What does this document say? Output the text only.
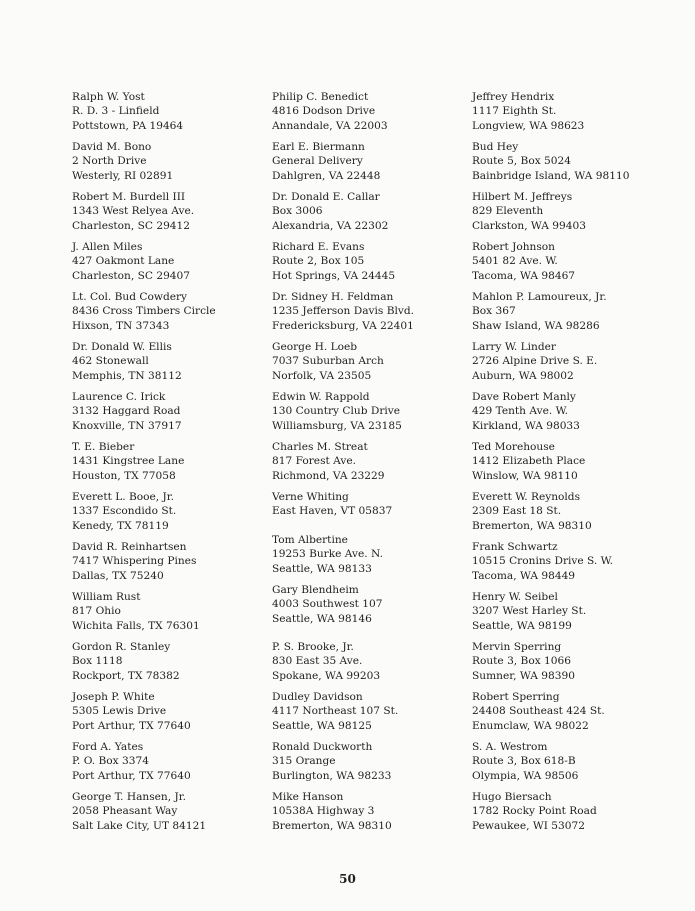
Ralph W. Yost
R. D. 3 - Linfield
Pottstown, PA 19464
David M. Bono
2 North Drive
Westerly, RI 02891
Robert M. Burdell III
1343 West Relyea Ave.
Charleston, SC 29412
J. Allen Miles
427 Oakmont Lane
Charleston, SC 29407
Lt. Col. Bud Cowdery
8436 Cross Timbers Circle
Hixson, TN 37343
Dr. Donald W. Ellis
462 Stonewall
Memphis, TN 38112
Laurence C. Irick
3132 Haggard Road
Knoxville, TN 37917
T. E. Bieber
1431 Kingstree Lane
Houston, TX 77058
Everett L. Booe, Jr.
1337 Escondido St.
Kenedy, TX 78119
David R. Reinhartsen
7417 Whispering Pines
Dallas, TX 75240
William Rust
817 Ohio
Wichita Falls, TX 76301
Gordon R. Stanley
Box 1118
Rockport, TX 78382
Joseph P. White
5305 Lewis Drive
Port Arthur, TX 77640
Ford A. Yates
P. O. Box 3374
Port Arthur, TX 77640
George T. Hansen, Jr.
2058 Pheasant Way
Salt Lake City, UT 84121
Philip C. Benedict
4816 Dodson Drive
Annandale, VA 22003
Earl E. Biermann
General Delivery
Dahlgren, VA 22448
Dr. Donald E. Callar
Box 3006
Alexandria, VA 22302
Richard E. Evans
Route 2, Box 105
Hot Springs, VA 24445
Dr. Sidney H. Feldman
1235 Jefferson Davis Blvd.
Fredericksburg, VA 22401
George H. Loeb
7037 Suburban Arch
Norfolk, VA 23505
Edwin W. Rappold
130 Country Club Drive
Williamsburg, VA 23185
Charles M. Streat
817 Forest Ave.
Richmond, VA 23229
Verne Whiting
East Haven, VT 05837
Tom Albertine
19253 Burke Ave. N.
Seattle, WA 98133
Gary Blendheim
4003 Southwest 107
Seattle, WA 98146
P. S. Brooke, Jr.
830 East 35 Ave.
Spokane, WA 99203
Dudley Davidson
4117 Northeast 107 St.
Seattle, WA 98125
Ronald Duckworth
315 Orange
Burlington, WA 98233
Mike Hanson
10538A Highway 3
Bremerton, WA 98310
Jeffrey Hendrix
1117 Eighth St.
Longview, WA 98623
Bud Hey
Route 5, Box 5024
Bainbridge Island, WA 98110
Hilbert M. Jeffreys
829 Eleventh
Clarkston, WA 99403
Robert Johnson
5401 82 Ave. W.
Tacoma, WA 98467
Mahlon P. Lamoureux, Jr.
Box 367
Shaw Island, WA 98286
Larry W. Linder
2726 Alpine Drive S. E.
Auburn, WA 98002
Dave Robert Manly
429 Tenth Ave. W.
Kirkland, WA 98033
Ted Morehouse
1412 Elizabeth Place
Winslow, WA 98110
Everett W. Reynolds
2309 East 18 St.
Bremerton, WA 98310
Frank Schwartz
10515 Cronins Drive S. W.
Tacoma, WA 98449
Henry W. Seibel
3207 West Harley St.
Seattle, WA 98199
Mervin Sperring
Route 3, Box 1066
Sumner, WA 98390
Robert Sperring
24408 Southeast 424 St.
Enumclaw, WA 98022
S. A. Westrom
Route 3, Box 618-B
Olympia, WA 98506
Hugo Biersach
1782 Rocky Point Road
Pewaukee, WI 53072
50
